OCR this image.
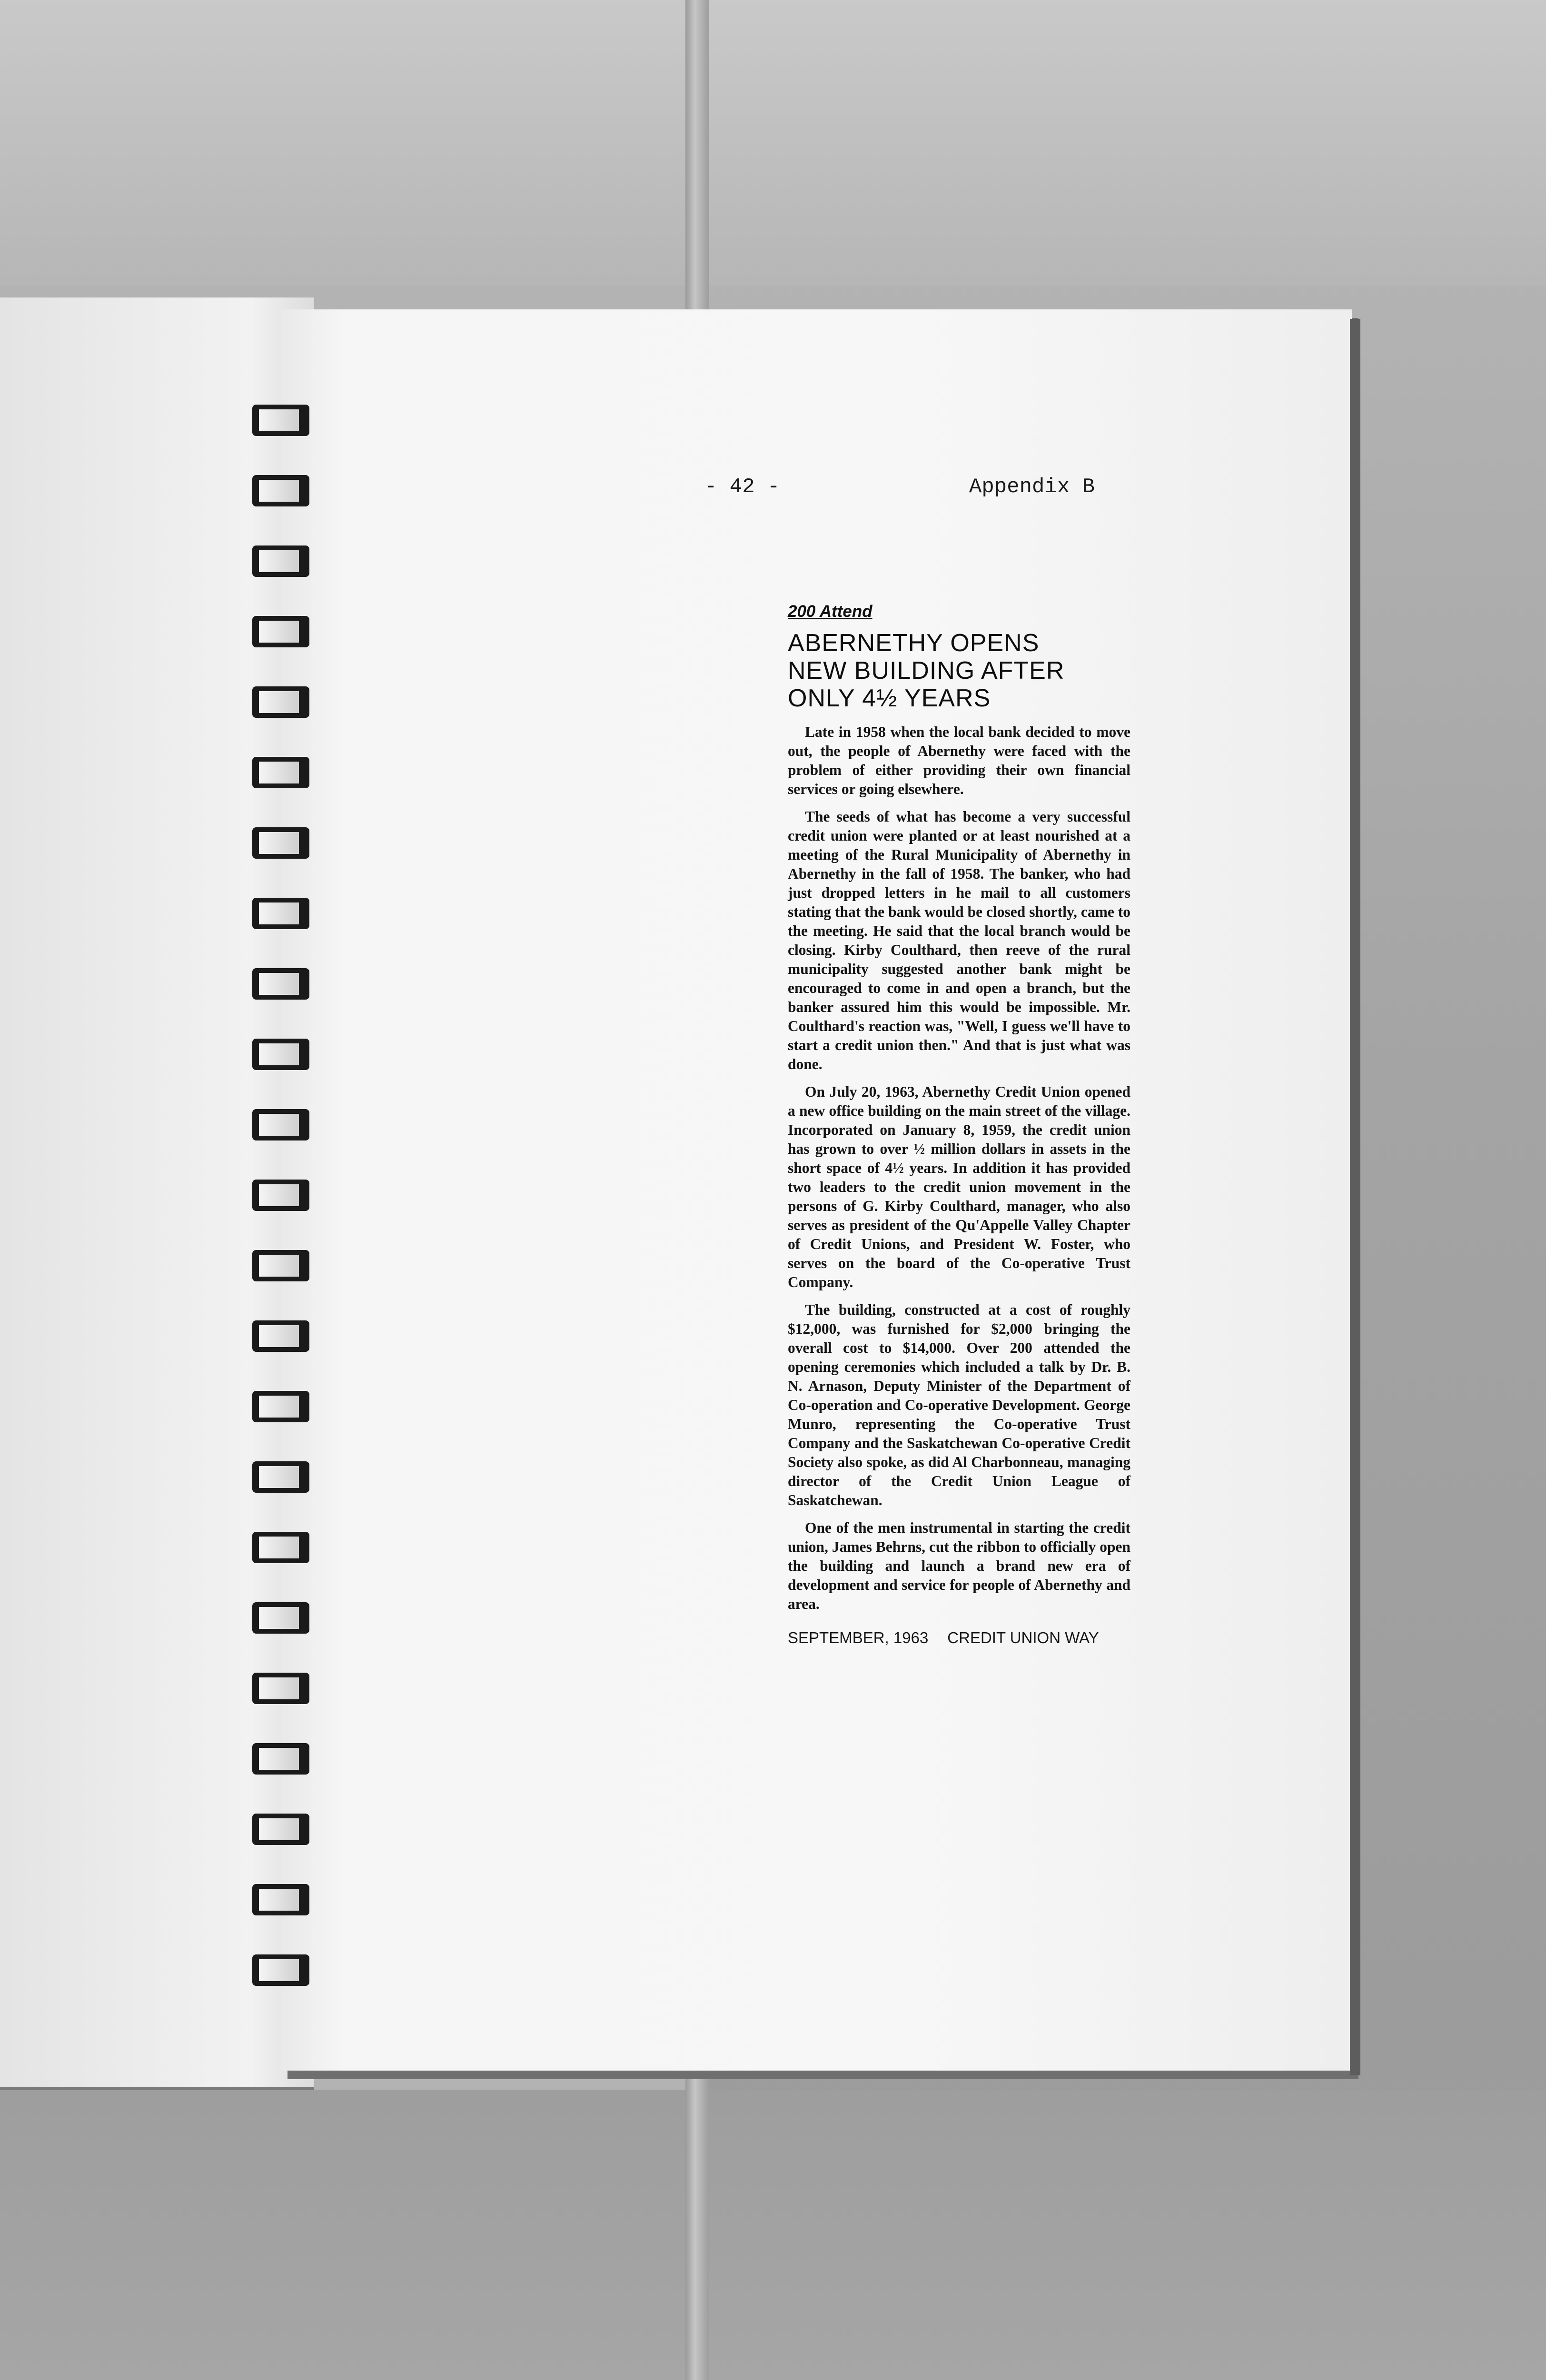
- 42 -	Appendix B
200 Attend
ABERNETHY OPENS
NEW BUILDING AFTER
ONLY 4½ YEARS

Late in 1958 when the local bank decided to move out, the people of Abernethy were faced with the problem of either providing their own financial services or going elsewhere.

The seeds of what has become a very successful credit union were planted or at least nourished at a meeting of the Rural Municipality of Abernethy in Abernethy in the fall of 1958. The banker, who had just dropped letters in he mail to all customers stating that the bank would be closed shortly, came to the meeting. He said that the local branch would be closing. Kirby Coulthard, then reeve of the rural municipality suggested another bank might be encouraged to come in and open a branch, but the banker assured him this would be impossible. Mr. Coulthard's reaction was, "Well, I guess we'll have to start a credit union then." And that is just what was done.

On July 20, 1963, Abernethy Credit Union opened a new office building on the main street of the village. Incorporated on January 8, 1959, the credit union has grown to over ½ million dollars in assets in the short space of 4½ years. In addition it has provided two leaders to the credit union movement in the persons of G. Kirby Coulthard, manager, who also serves as president of the Qu'Appelle Valley Chapter of Credit Unions, and President W. Foster, who serves on the board of the Co-operative Trust Company.

The building, constructed at a cost of roughly $12,000, was furnished for $2,000 bringing the overall cost to $14,000. Over 200 attended the opening ceremonies which included a talk by Dr. B. N. Arnason, Deputy Minister of the Department of Co-operation and Co-operative Development. George Munro, representing the Co-operative Trust Company and the Saskatchewan Co-operative Credit Society also spoke, as did Al Charbonneau, managing director of the Credit Union League of Saskatchewan.

One of the men instrumental in starting the credit union, James Behrns, cut the ribbon to officially open the building and launch a brand new era of development and service for people of Abernethy and area.

SEPTEMBER, 1963 CREDIT UNION WAY
